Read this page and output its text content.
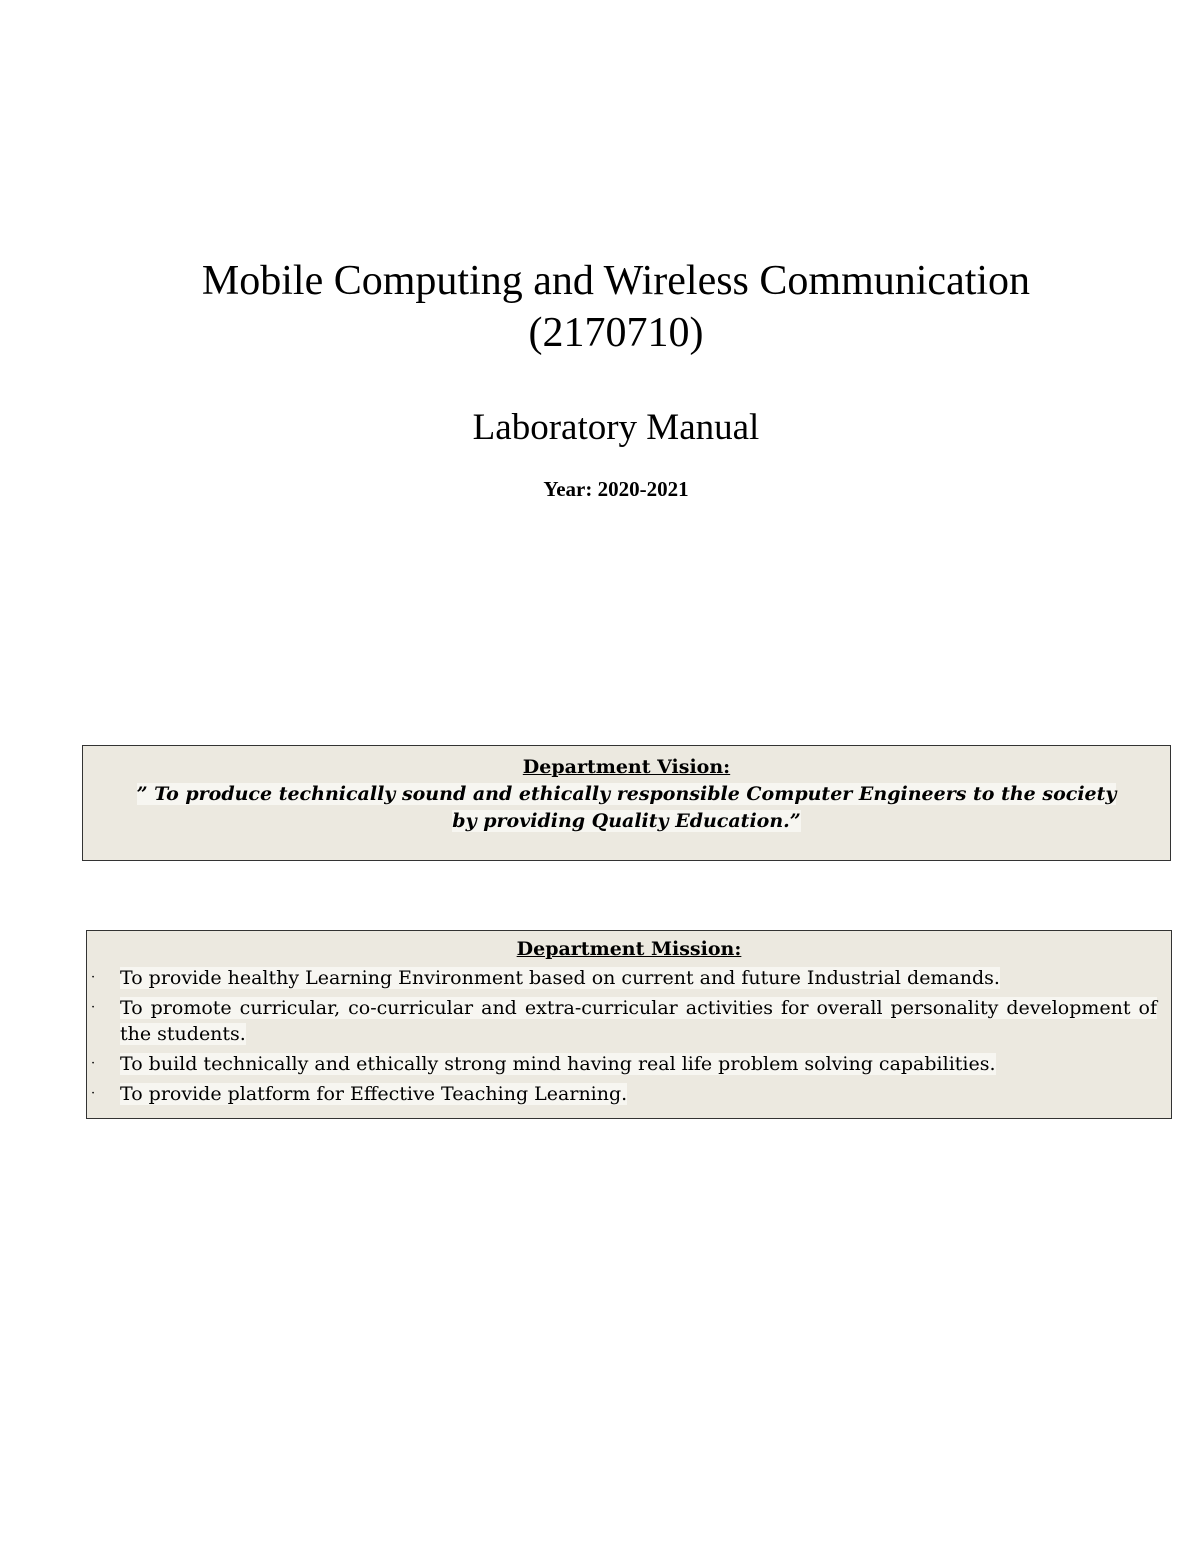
Mobile Computing and Wireless Communication
(2170710)
Laboratory Manual
Year: 2020-2021
Department Vision:
” To produce technically sound and ethically responsible Computer Engineers to the society
by providing Quality Education.”
Department Mission:
· To provide healthy Learning Environment based on current and future Industrial demands.
· To promote curricular, co-curricular and extra-curricular activities for overall personality development of the students.
· To build technically and ethically strong mind having real life problem solving capabilities.
· To provide platform for Effective Teaching Learning.
